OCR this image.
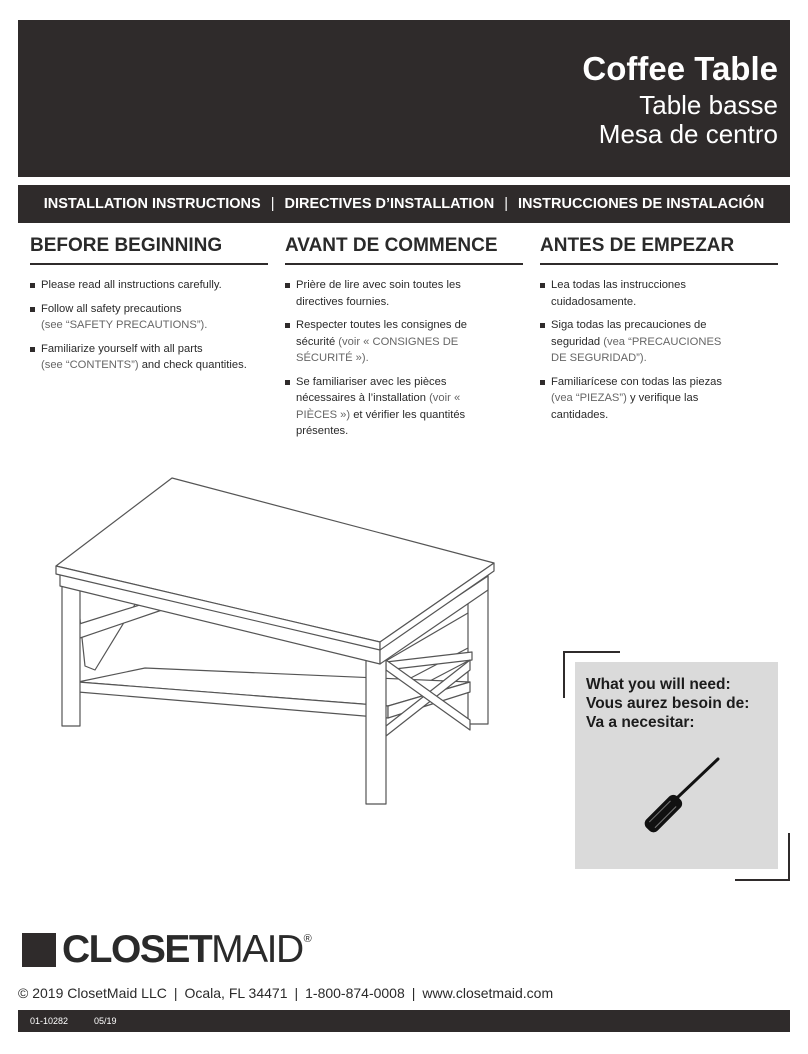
Coffee Table
Table basse
Mesa de centro
INSTALLATION INSTRUCTIONS | DIRECTIVES D’INSTALLATION | INSTRUCCIONES DE INSTALACIÓN
BEFORE BEGINNING
Please read all instructions carefully.
Follow all safety precautions
(see “SAFETY PRECAUTIONS”).
Familiarize yourself with all parts
(see “CONTENTS”) and check quantities.
AVANT DE COMMENCE
Prière de lire avec soin toutes les directives fournies.
Respecter toutes les consignes de sécurité (voir « CONSIGNES DE SÉCURITÉ »).
Se familiariser avec les pièces nécessaires à l’installation (voir « PIÈCES ») et vérifier les quantités présentes.
ANTES DE EMPEZAR
Lea todas las instrucciones cuidadosamente.
Siga todas las precauciones de seguridad (vea “PRECAUCIONES DE SEGURIDAD”).
Familiarícese con todas las piezas (vea “PIEZAS”) y verifique las cantidades.
What you will need:
Vous aurez besoin de:
Va a necesitar:
CLOSET MAID ®
© 2019 ClosetMaid LLC | Ocala, FL 34471 | 1-800-874-0008 | www.closetmaid.com
01-10282	05/19
